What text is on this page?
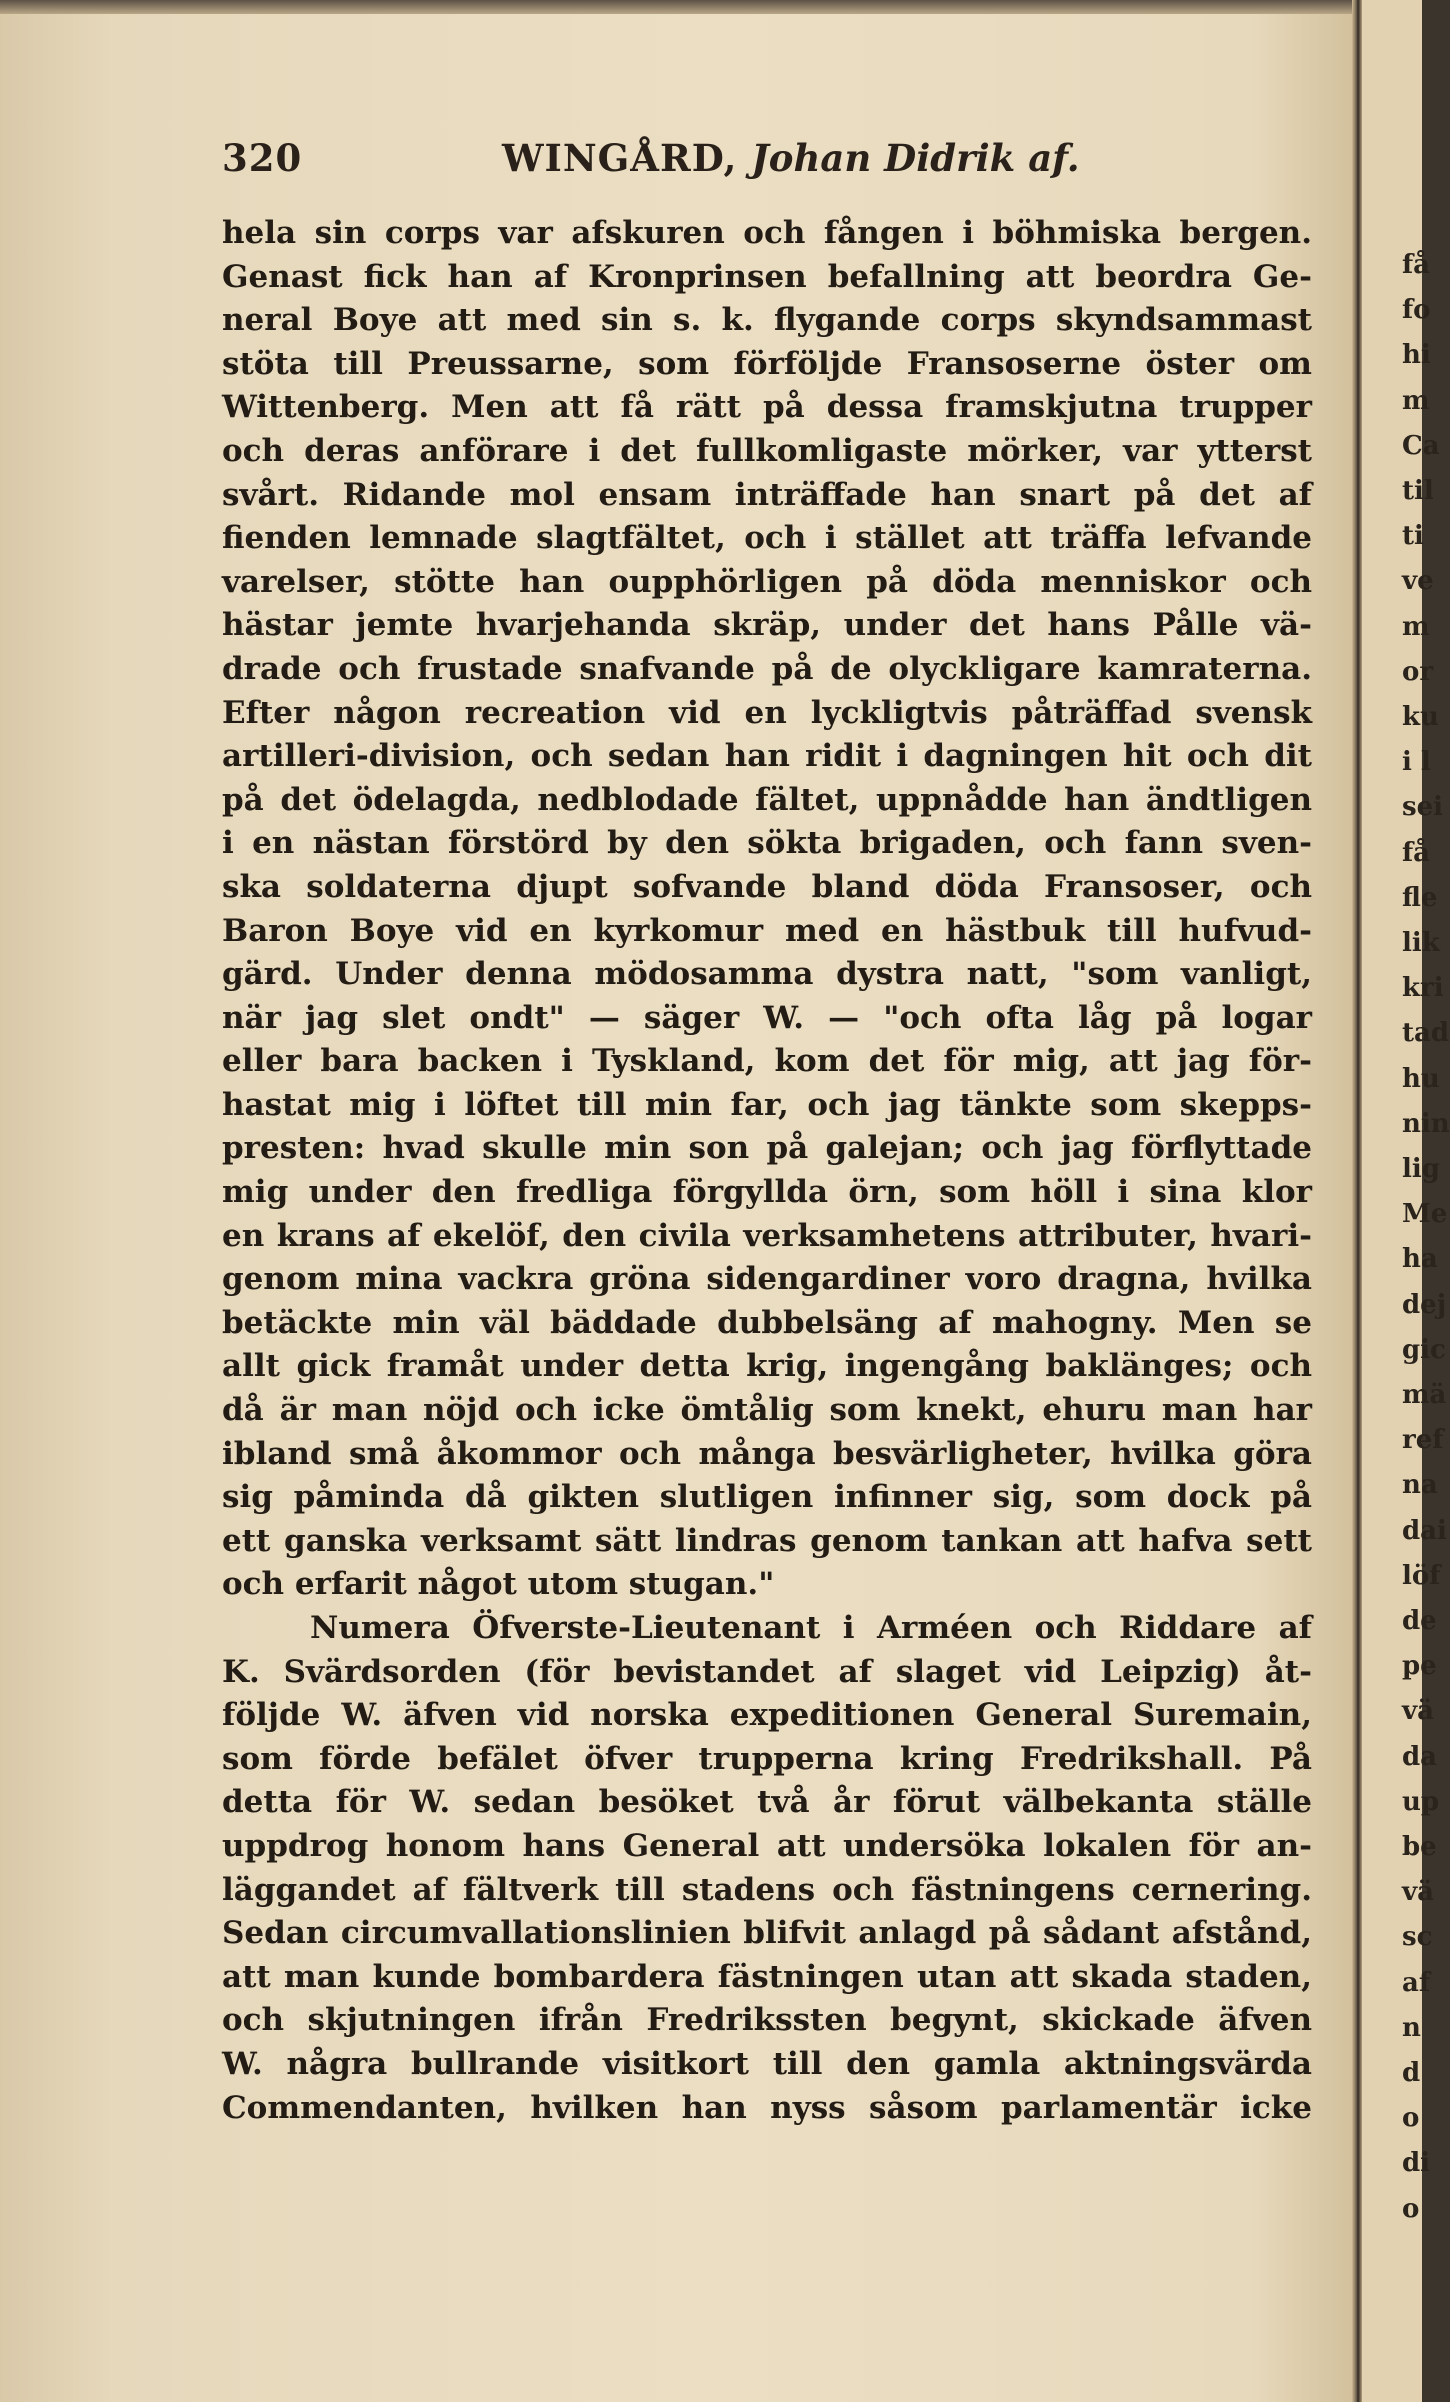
320	WINGÅRD, Johan Didrik af.
hela sin corps var afskuren och fången i böhmiska bergen.
Genast fick han af Kronprinsen befallning att beordra Ge-
neral Boye att med sin s. k. flygande corps skyndsammast
stöta till Preussarne, som förföljde Fransoserne öster om
Wittenberg. Men att få rätt på dessa framskjutna trupper
och deras anförare i det fullkomligaste mörker, var ytterst
svårt. Ridande mol ensam inträffade han snart på det af
fienden lemnade slagtfältet, och i stället att träffa lefvande
varelser, stötte han oupphörligen på döda menniskor och
hästar jemte hvarjehanda skräp, under det hans Pålle vä-
drade och frustade snafvande på de olyckligare kamraterna.
Efter någon recreation vid en lyckligtvis påträffad svensk
artilleri-division, och sedan han ridit i dagningen hit och dit
på det ödelagda, nedblodade fältet, uppnådde han ändtligen
i en nästan förstörd by den sökta brigaden, och fann sven-
ska soldaterna djupt sofvande bland döda Fransoser, och
Baron Boye vid en kyrkomur med en hästbuk till hufvud-
gärd. Under denna mödosamma dystra natt, "som vanligt,
när jag slet ondt" — säger W. — "och ofta låg på logar
eller bara backen i Tyskland, kom det för mig, att jag för-
hastat mig i löftet till min far, och jag tänkte som skepps-
presten: hvad skulle min son på galejan; och jag förflyttade
mig under den fredliga förgyllda örn, som höll i sina klor
en krans af ekelöf, den civila verksamhetens attributer, hvari-
genom mina vackra gröna sidengardiner voro dragna, hvilka
betäckte min väl bäddade dubbelsäng af mahogny. Men se
allt gick framåt under detta krig, ingengång baklänges; och
då är man nöjd och icke ömtålig som knekt, ehuru man har
ibland små åkommor och många besvärligheter, hvilka göra
sig påminda då gikten slutligen infinner sig, som dock på
ett ganska verksamt sätt lindras genom tankan att hafva sett
och erfarit något utom stugan."
Numera Öfverste-Lieutenant i Arméen och Riddare af
K. Svärdsorden (för bevistandet af slaget vid Leipzig) åt-
följde W. äfven vid norska expeditionen General Suremain,
som förde befälet öfver trupperna kring Fredrikshall. På
detta för W. sedan besöket två år förut välbekanta ställe
uppdrog honom hans General att undersöka lokalen för an-
läggandet af fältverk till stadens och fästningens cernering.
Sedan circumvallationslinien blifvit anlagd på sådant afstånd,
att man kunde bombardera fästningen utan att skada staden,
och skjutningen ifrån Fredrikssten begynt, skickade äfven
W. några bullrande visitkort till den gamla aktningsvärda
Commendanten, hvilken han nyss såsom parlamentär icke
få
fo
hi
m
Ca
til
ti
ve
m
or
ku
i l
sei
få
fle
lik
kri
tad
hu
nin
lig
Me
ha
dej
gic
mä
ref
na
dai
löf
de
pe
vä
da
up
be
vä
sc
af
n
d
o
di
o
